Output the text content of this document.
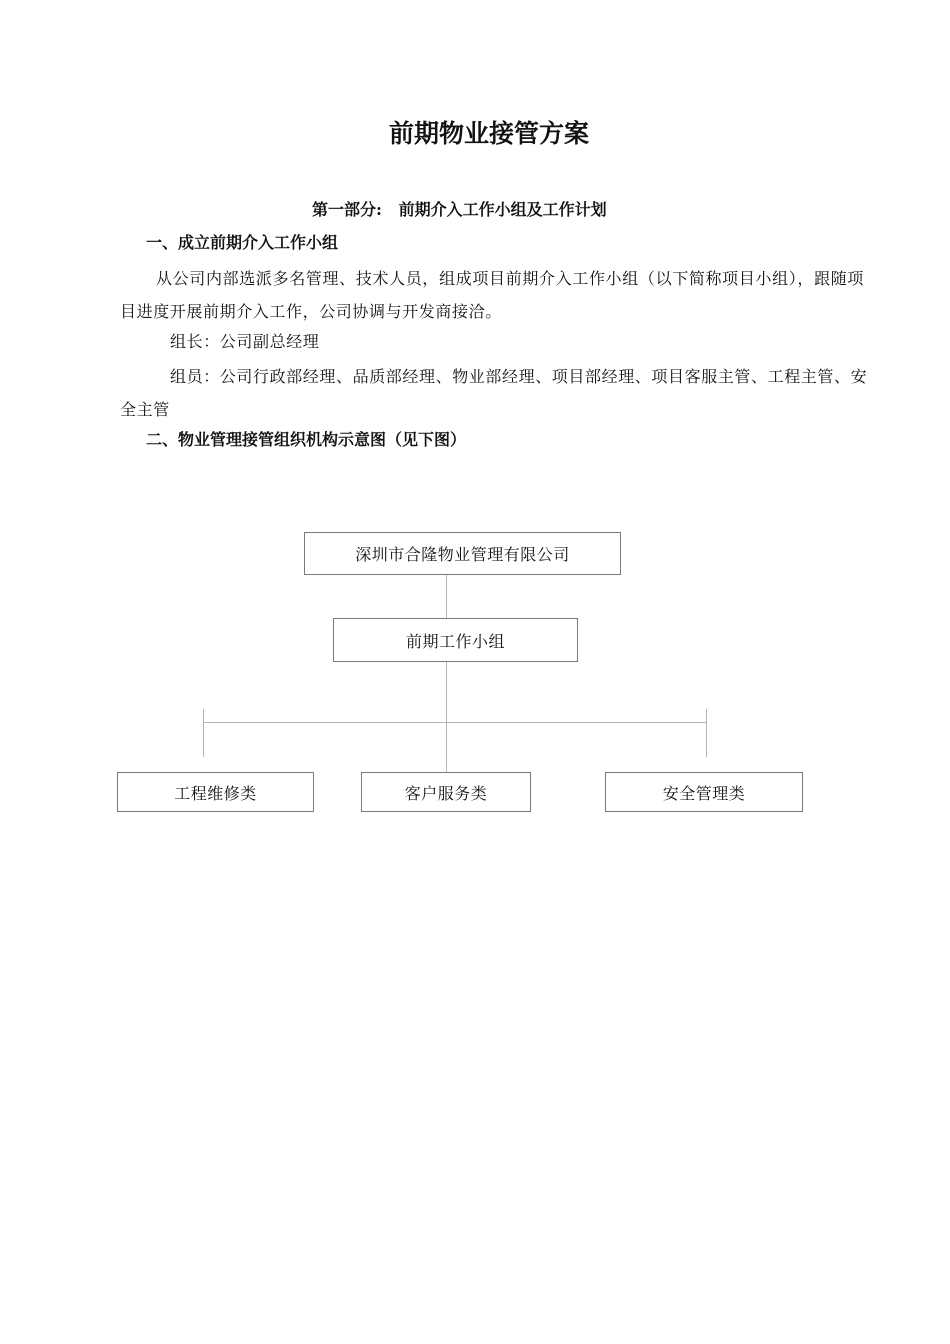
前期物业接管方案
第一部分:   前期介入工作小组及工作计划
一、成立前期介入工作小组
从公司内部选派多名管理、技术人员，组成项目前期介入工作小组（以下简称项目小组），跟随项目进度开展前期介入工作，公司协调与开发商接洽。
组长：公司副总经理
组员：公司行政部经理、品质部经理、物业部经理、项目部经理、项目客服主管、工程主管、安全主管
二、物业管理接管组织机构示意图（见下图）
深圳市合隆物业管理有限公司
前期工作小组
工程维修类	客户服务类	安全管理类
